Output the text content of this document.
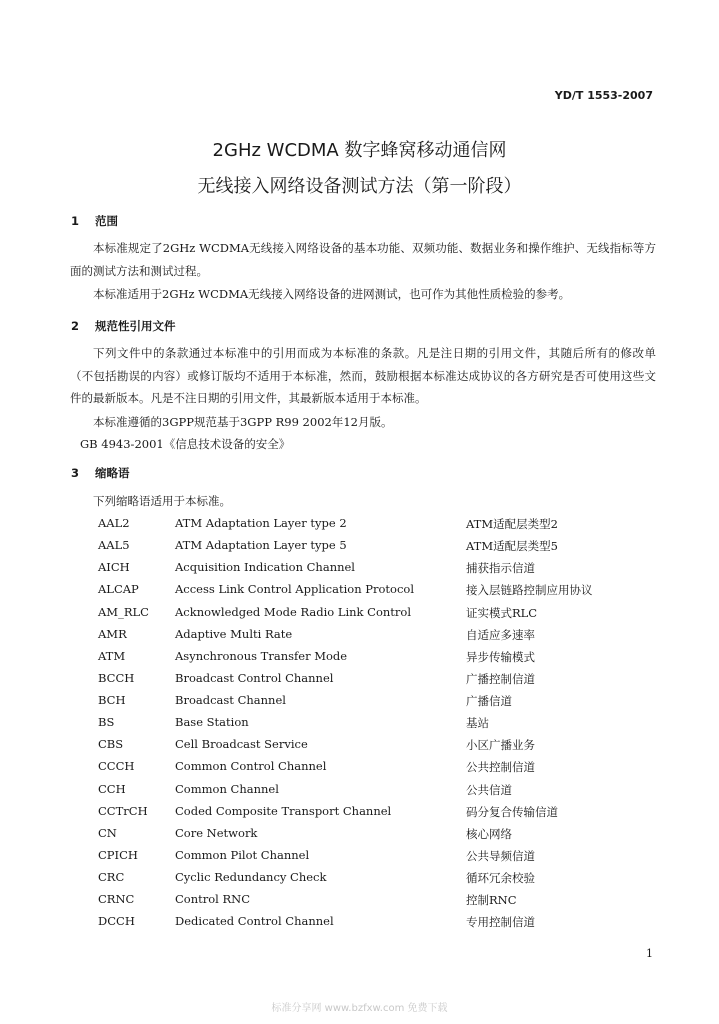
YD/T 1553-2007
2GHz WCDMA 数字蜂窝移动通信网
无线接入网络设备测试方法（第一阶段）
1 范围
本标准规定了2GHz WCDMA无线接入网络设备的基本功能、双频功能、数据业务和操作维护、无线指标等方面的测试方法和测试过程。
本标准适用于2GHz WCDMA无线接入网络设备的进网测试，也可作为其他性质检验的参考。
2 规范性引用文件
下列文件中的条款通过本标准中的引用而成为本标准的条款。凡是注日期的引用文件，其随后所有的修改单（不包括勘误的内容）或修订版均不适用于本标准，然而，鼓励根据本标准达成协议的各方研究是否可使用这些文件的最新版本。凡是不注日期的引用文件，其最新版本适用于本标准。
本标准遵循的3GPP规范基于3GPP R99 2002年12月版。
GB 4943-2001《信息技术设备的安全》
3 缩略语
下列缩略语适用于本标准。
AAL2	ATM Adaptation Layer type 2	ATM适配层类型2
AAL5	ATM Adaptation Layer type 5	ATM适配层类型5
AICH	Acquisition Indication Channel	捕获指示信道
ALCAP	Access Link Control Application Protocol	接入层链路控制应用协议
AM_RLC Acknowledged Mode Radio Link Control	证实模式RLC
AMR	Adaptive Multi Rate	自适应多速率
ATM	Asynchronous Transfer Mode	异步传输模式
BCCH	Broadcast Control Channel	广播控制信道
BCH	Broadcast Channel	广播信道
BS	Base Station	基站
CBS	Cell Broadcast Service	小区广播业务
CCCH	Common Control Channel	公共控制信道
CCH	Common Channel	公共信道
CCTrCH Coded Composite Transport Channel	码分复合传输信道
CN	Core Network	核心网络
CPICH	Common Pilot Channel	公共导频信道
CRC	Cyclic Redundancy Check	循环冗余校验
CRNC	Control RNC	控制RNC
DCCH	Dedicated Control Channel	专用控制信道
1
标准分享网 www.bzfxw.com 免费下载
